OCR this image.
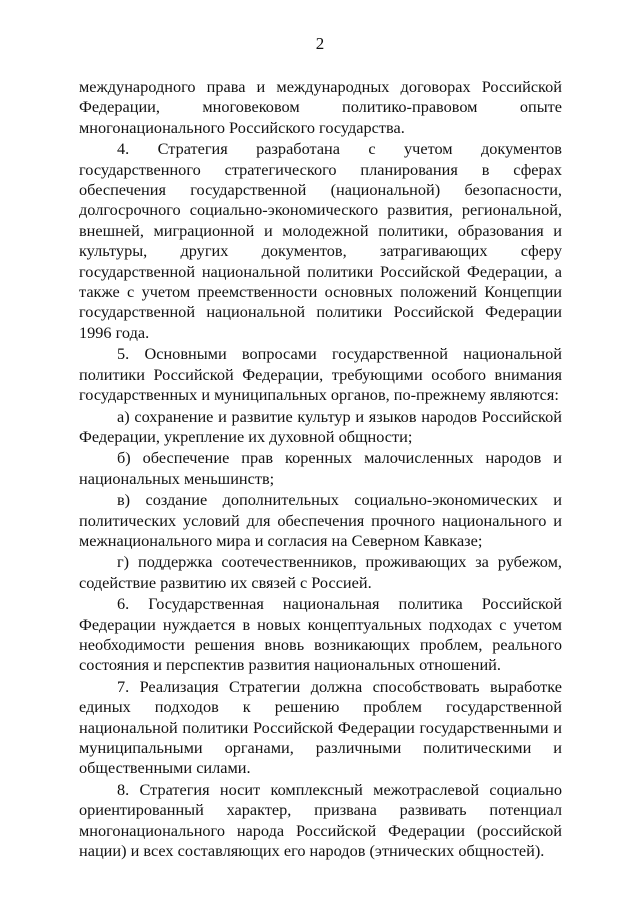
2

международного права и международных договорах Российской Федерации, многовековом политико-правовом опыте многонационального Российского государства.

4. Стратегия разработана с учетом документов государственного стратегического планирования в сферах обеспечения государственной (национальной) безопасности, долгосрочного социально-экономического развития, региональной, внешней, миграционной и молодежной политики, образования и культуры, других документов, затрагивающих сферу государственной национальной политики Российской Федерации, а также с учетом преемственности основных положений Концепции государственной национальной политики Российской Федерации 1996 года.

5. Основными вопросами государственной национальной политики Российской Федерации, требующими особого внимания государственных и муниципальных органов, по-прежнему являются:

а) сохранение и развитие культур и языков народов Российской Федерации, укрепление их духовной общности;

б) обеспечение прав коренных малочисленных народов и национальных меньшинств;

в) создание дополнительных социально-экономических и политических условий для обеспечения прочного национального и межнационального мира и согласия на Северном Кавказе;

г) поддержка соотечественников, проживающих за рубежом, содействие развитию их связей с Россией.

6. Государственная национальная политика Российской Федерации нуждается в новых концептуальных подходах с учетом необходимости решения вновь возникающих проблем, реального состояния и перспектив развития национальных отношений.

7. Реализация Стратегии должна способствовать выработке единых подходов к решению проблем государственной национальной политики Российской Федерации государственными и муниципальными органами, различными политическими и общественными силами.

8. Стратегия носит комплексный межотраслевой социально ориентированный характер, призвана развивать потенциал многонационального народа Российской Федерации (российской нации) и всех составляющих его народов (этнических общностей).
